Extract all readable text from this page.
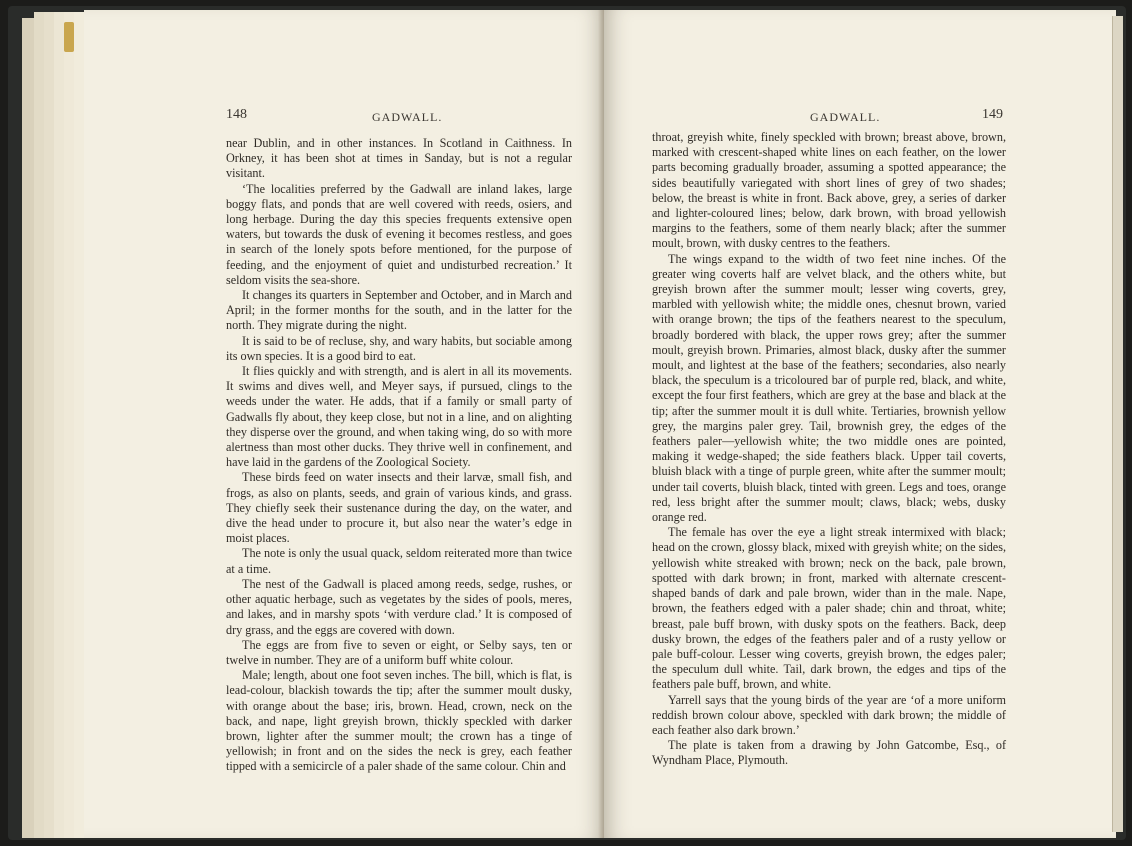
148	GADWALL.

near Dublin, and in other instances. In Scotland in Caithness. In Orkney, it has been shot at times in Sanday, but is not a regular visitant.

‘The localities preferred by the Gadwall are inland lakes, large boggy flats, and ponds that are well covered with reeds, osiers, and long herbage. During the day this species frequents extensive open waters, but towards the dusk of evening it becomes restless, and goes in search of the lonely spots before mentioned, for the purpose of feeding, and the enjoyment of quiet and undisturbed recreation.’ It seldom visits the sea-shore.

It changes its quarters in September and October, and in March and April; in the former months for the south, and in the latter for the north. They migrate during the night.

It is said to be of recluse, shy, and wary habits, but sociable among its own species. It is a good bird to eat.

It flies quickly and with strength, and is alert in all its movements. It swims and dives well, and Meyer says, if pursued, clings to the weeds under the water. He adds, that if a family or small party of Gadwalls fly about, they keep close, but not in a line, and on alighting they disperse over the ground, and when taking wing, do so with more alertness than most other ducks. They thrive well in confinement, and have laid in the gardens of the Zoological Society.

These birds feed on water insects and their larvæ, small fish, and frogs, as also on plants, seeds, and grain of various kinds, and grass. They chiefly seek their sustenance during the day, on the water, and dive the head under to procure it, but also near the water’s edge in moist places.

The note is only the usual quack, seldom reiterated more than twice at a time.

The nest of the Gadwall is placed among reeds, sedge, rushes, or other aquatic herbage, such as vegetates by the sides of pools, meres, and lakes, and in marshy spots ‘with verdure clad.’ It is composed of dry grass, and the eggs are covered with down.

The eggs are from five to seven or eight, or Selby says, ten or twelve in number. They are of a uniform buff white colour.

Male; length, about one foot seven inches. The bill, which is flat, is lead-colour, blackish towards the tip; after the summer moult dusky, with orange about the base; iris, brown. Head, crown, neck on the back, and nape, light greyish brown, thickly speckled with darker brown, lighter after the summer moult; the crown has a tinge of yellowish; in front and on the sides the neck is grey, each feather tipped with a semicircle of a paler shade of the same colour. Chin and

GADWALL.	149

throat, greyish white, finely speckled with brown; breast above, brown, marked with crescent-shaped white lines on each feather, on the lower parts becoming gradually broader, assuming a spotted appearance; the sides beautifully variegated with short lines of grey of two shades; below, the breast is white in front. Back above, grey, a series of darker and lighter-coloured lines; below, dark brown, with broad yellowish margins to the feathers, some of them nearly black; after the summer moult, brown, with dusky centres to the feathers.

The wings expand to the width of two feet nine inches. Of the greater wing coverts half are velvet black, and the others white, but greyish brown after the summer moult; lesser wing coverts, grey, marbled with yellowish white; the middle ones, chesnut brown, varied with orange brown; the tips of the feathers nearest to the speculum, broadly bordered with black, the upper rows grey; after the summer moult, greyish brown. Primaries, almost black, dusky after the summer moult, and lightest at the base of the feathers; secondaries, also nearly black, the speculum is a tricoloured bar of purple red, black, and white, except the four first feathers, which are grey at the base and black at the tip; after the summer moult it is dull white. Tertiaries, brownish yellow grey, the margins paler grey. Tail, brownish grey, the edges of the feathers paler—yellowish white; the two middle ones are pointed, making it wedge-shaped; the side feathers black. Upper tail coverts, bluish black with a tinge of purple green, white after the summer moult; under tail coverts, bluish black, tinted with green. Legs and toes, orange red, less bright after the summer moult; claws, black; webs, dusky orange red.

The female has over the eye a light streak intermixed with black; head on the crown, glossy black, mixed with greyish white; on the sides, yellowish white streaked with brown; neck on the back, pale brown, spotted with dark brown; in front, marked with alternate crescent-shaped bands of dark and pale brown, wider than in the male. Nape, brown, the feathers edged with a paler shade; chin and throat, white; breast, pale buff brown, with dusky spots on the feathers. Back, deep dusky brown, the edges of the feathers paler and of a rusty yellow or pale buff-colour. Lesser wing coverts, greyish brown, the edges paler; the speculum dull white. Tail, dark brown, the edges and tips of the feathers pale buff, brown, and white.

Yarrell says that the young birds of the year are ‘of a more uniform reddish brown colour above, speckled with dark brown; the middle of each feather also dark brown.’

The plate is taken from a drawing by John Gatcombe, Esq., of Wyndham Place, Plymouth.
